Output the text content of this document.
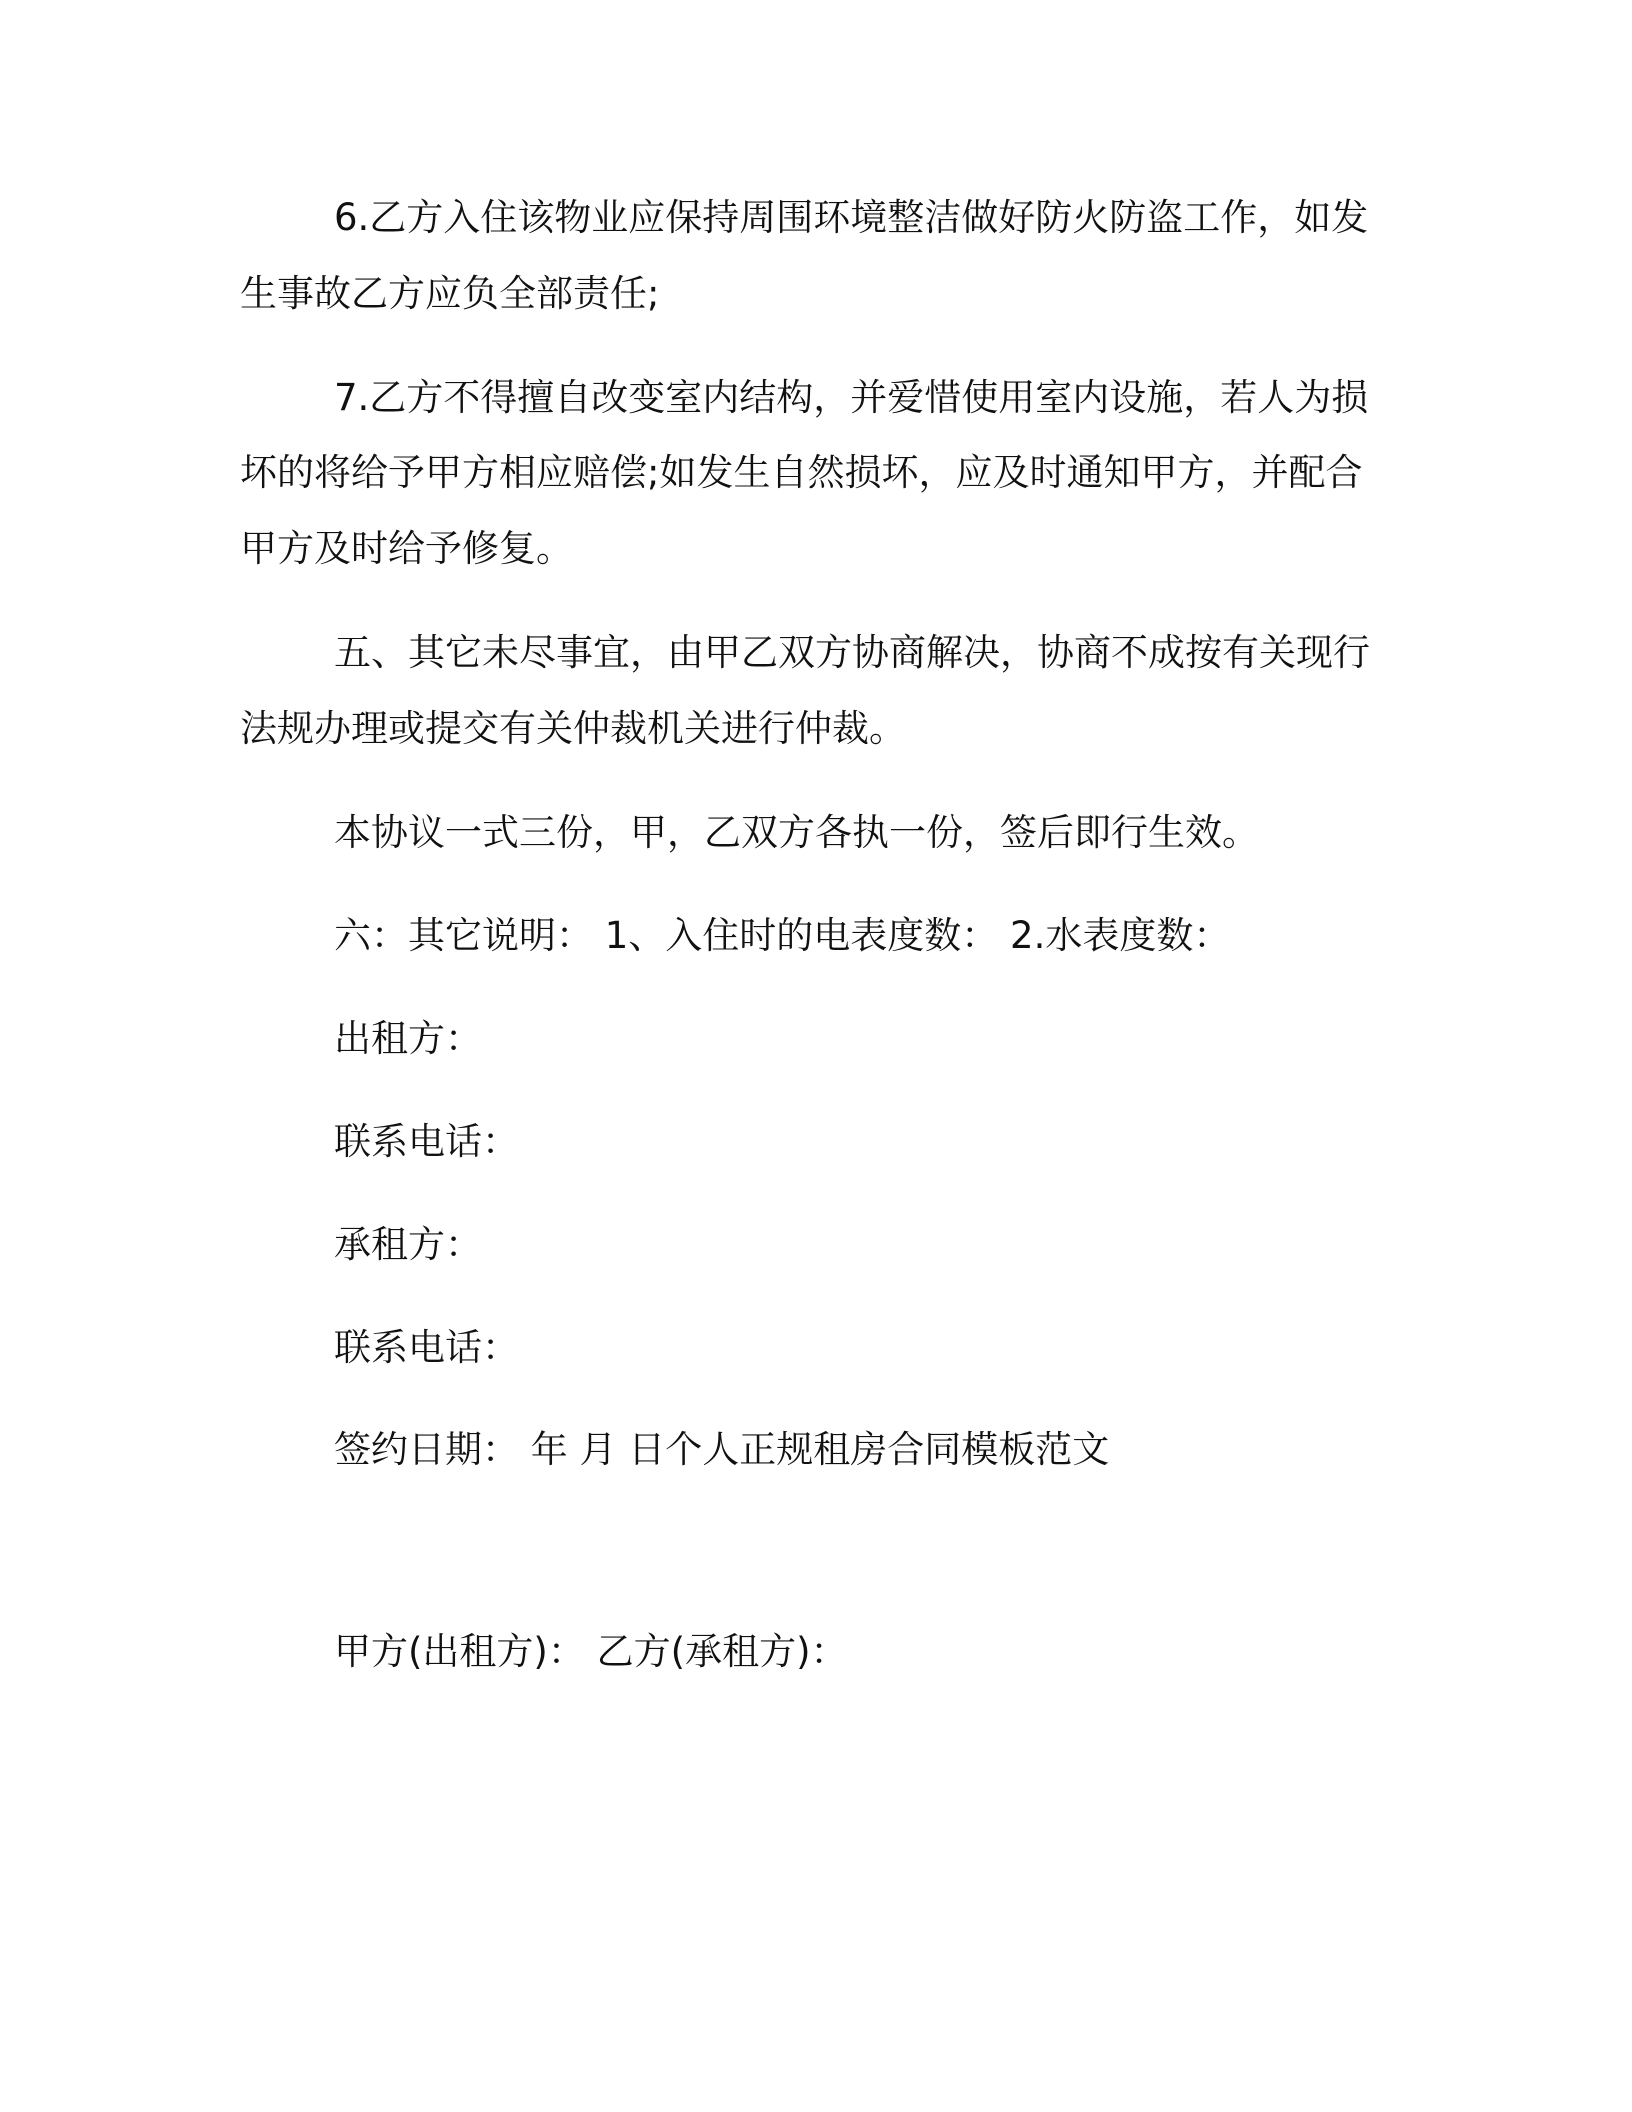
6.乙方入住该物业应保持周围环境整洁做好防火防盗工作，如发
生事故乙方应负全部责任;
7.乙方不得擅自改变室内结构，并爱惜使用室内设施，若人为损
坏的将给予甲方相应赔偿;如发生自然损坏，应及时通知甲方，并配合
甲方及时给予修复。
五、其它未尽事宜，由甲乙双方协商解决，协商不成按有关现行
法规办理或提交有关仲裁机关进行仲裁。
本协议一式三份，甲，乙双方各执一份，签后即行生效。
六：其它说明： 1、入住时的电表度数： 2.水表度数：
出租方：
联系电话：
承租方：
联系电话：
签约日期： 年 月 日个人正规租房合同模板范文
甲方(出租方)： 乙方(承租方)：
